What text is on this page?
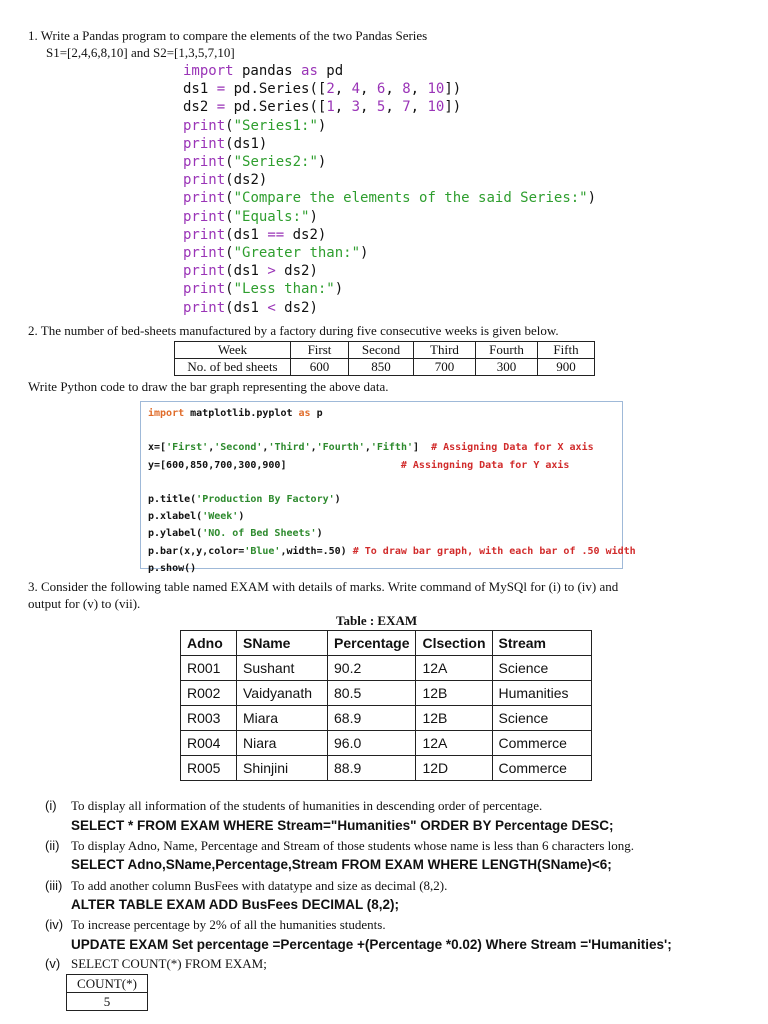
1. Write a Pandas program to compare the elements of the two Pandas Series
S1=[2,4,6,8,10] and S2=[1,3,5,7,10]
import pandas as pd
ds1 = pd.Series([2, 4, 6, 8, 10])
ds2 = pd.Series([1, 3, 5, 7, 10])
print("Series1:")
print(ds1)
print("Series2:")
print(ds2)
print("Compare the elements of the said Series:")
print("Equals:")
print(ds1 == ds2)
print("Greater than:")
print(ds1 > ds2)
print("Less than:")
print(ds1 < ds2)
2. The number of bed-sheets manufactured by a factory during five consecutive weeks is given below.
Week	First	Second	Third	Fourth	Fifth
No. of bed sheets	600	850	700	300	900
Write Python code to draw the bar graph representing the above data.
import matplotlib.pyplot as p

x=['First','Second','Third','Fourth','Fifth']  # Assigning Data for X axis
y=[600,850,700,300,900]                   # Assingning Data for Y axis

p.title('Production By Factory')
p.xlabel('Week')
p.ylabel('NO. of Bed Sheets')
p.bar(x,y,color='Blue',width=.50) # To draw bar graph, with each bar of .50 width
p.show()
3. Consider the following table named EXAM with details of marks. Write command of MySQl for (i) to (iv) and
output for (v) to (vii).
Table : EXAM
Adno	SName	Percentage	Clsection	Stream
R001	Sushant	90.2	12A	Science
R002	Vaidyanath	80.5	12B	Humanities
R003	Miara	68.9	12B	Science
R004	Niara	96.0	12A	Commerce
R005	Shinjini	88.9	12D	Commerce
(i) To display all information of the students of humanities in descending order of percentage.
SELECT * FROM EXAM WHERE Stream="Humanities" ORDER BY Percentage DESC;
(ii) To display Adno, Name, Percentage and Stream of those students whose name is less than 6 characters long.
SELECT Adno,SName,Percentage,Stream FROM EXAM WHERE LENGTH(SName)<6;
(iii) To add another column BusFees with datatype and size as decimal (8,2).
ALTER TABLE EXAM ADD BusFees DECIMAL (8,2);
(iv) To increase percentage by 2% of all the humanities students.
UPDATE EXAM Set percentage =Percentage +(Percentage *0.02) Where Stream ='Humanities';
(v) SELECT COUNT(*) FROM EXAM;
COUNT(*)
5
